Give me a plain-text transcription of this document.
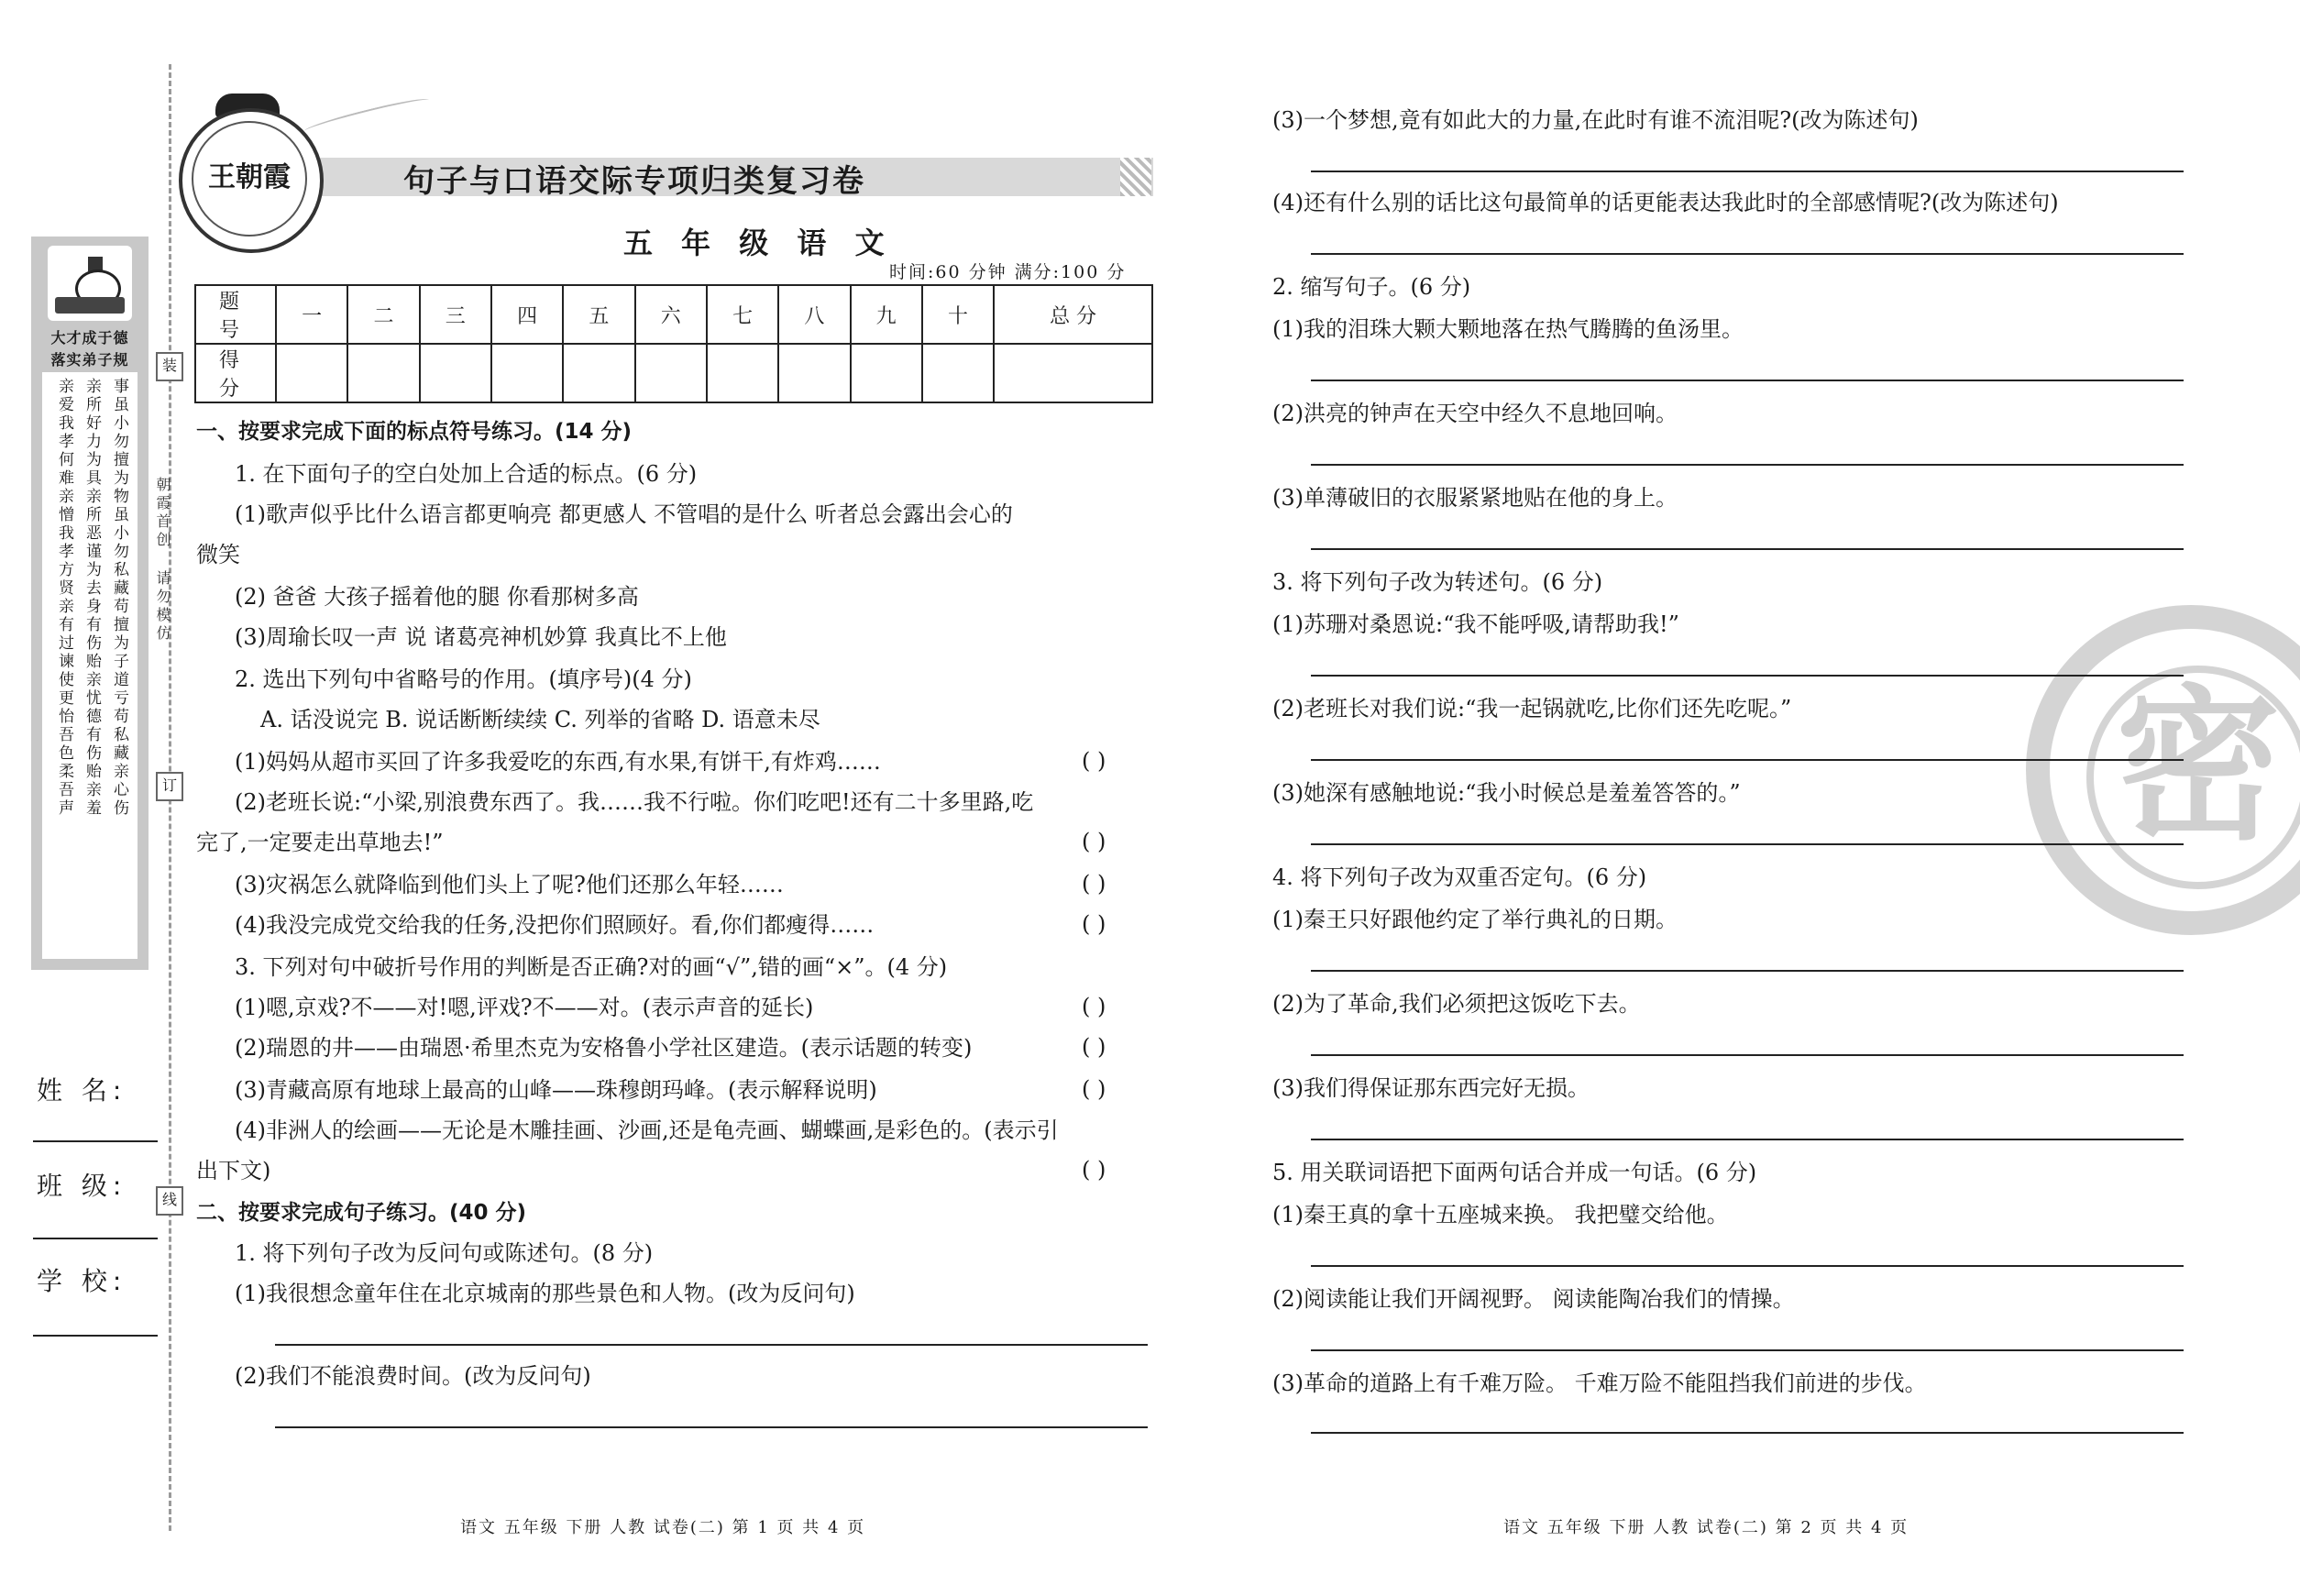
装
订
线
朝霞首创
请勿模仿
大才成于德
落实弟子规
亲爱我孝何难亲憎我孝方贤亲有过谏使更怡吾色柔吾声 亲所好力为具亲所恶谨为去身有伤贻亲忧德有伤贻亲羞 事虽小勿擅为物虽小勿私藏苟擅为子道亏苟私藏亲心伤
姓 名:
班 级:
学 校:
王朝霞	句子与口语交际专项归类复习卷
五 年 级 语 文
时间:60 分钟 满分:100 分
题 号	一	二	三	四	五	六	七	八	九	十	总 分
得 分											
一、按要求完成下面的标点符号练习。(14 分)
1. 在下面句子的空白处加上合适的标点。(6 分)
(1)歌声似乎比什么语言都更响亮 都更感人 不管唱的是什么 听者总会露出会心的
微笑
(2) 爸爸 大孩子摇着他的腿 你看那树多高
(3)周瑜长叹一声 说 诸葛亮神机妙算 我真比不上他
2. 选出下列句中省略号的作用。(填序号)(4 分)
A. 话没说完 B. 说话断断续续 C. 列举的省略 D. 语意未尽
(1)妈妈从超市买回了许多我爱吃的东西,有水果,有饼干,有炸鸡……	( )
(2)老班长说:“小梁,别浪费东西了。我……我不行啦。你们吃吧!还有二十多里路,吃
完了,一定要走出草地去!”	( )
(3)灾祸怎么就降临到他们头上了呢?他们还那么年轻……	( )
(4)我没完成党交给我的任务,没把你们照顾好。看,你们都瘦得……	( )
3. 下列对句中破折号作用的判断是否正确?对的画“√”,错的画“×”。(4 分)
(1)嗯,京戏?不——对!嗯,评戏?不——对。(表示声音的延长)	( )
(2)瑞恩的井——由瑞恩·希里杰克为安格鲁小学社区建造。(表示话题的转变)	( )
(3)青藏高原有地球上最高的山峰——珠穆朗玛峰。(表示解释说明)	( )
(4)非洲人的绘画——无论是木雕挂画、沙画,还是龟壳画、蝴蝶画,是彩色的。(表示引
出下文)	( )
二、按要求完成句子练习。(40 分)
1. 将下列句子改为反问句或陈述句。(8 分)
(1)我很想念童年住在北京城南的那些景色和人物。(改为反问句)
(2)我们不能浪费时间。(改为反问句)
语文 五年级 下册 人教 试卷(二) 第 1 页 共 4 页
密
(3)一个梦想,竟有如此大的力量,在此时有谁不流泪呢?(改为陈述句)
(4)还有什么别的话比这句最简单的话更能表达我此时的全部感情呢?(改为陈述句)
2. 缩写句子。(6 分)
(1)我的泪珠大颗大颗地落在热气腾腾的鱼汤里。
(2)洪亮的钟声在天空中经久不息地回响。
(3)单薄破旧的衣服紧紧地贴在他的身上。
3. 将下列句子改为转述句。(6 分)
(1)苏珊对桑恩说:“我不能呼吸,请帮助我!”
(2)老班长对我们说:“我一起锅就吃,比你们还先吃呢。”
(3)她深有感触地说:“我小时候总是羞羞答答的。”
4. 将下列句子改为双重否定句。(6 分)
(1)秦王只好跟他约定了举行典礼的日期。
(2)为了革命,我们必须把这饭吃下去。
(3)我们得保证那东西完好无损。
5. 用关联词语把下面两句话合并成一句话。(6 分)
(1)秦王真的拿十五座城来换。 我把璧交给他。
(2)阅读能让我们开阔视野。 阅读能陶冶我们的情操。
(3)革命的道路上有千难万险。 千难万险不能阻挡我们前进的步伐。
语文 五年级 下册 人教 试卷(二) 第 2 页 共 4 页
